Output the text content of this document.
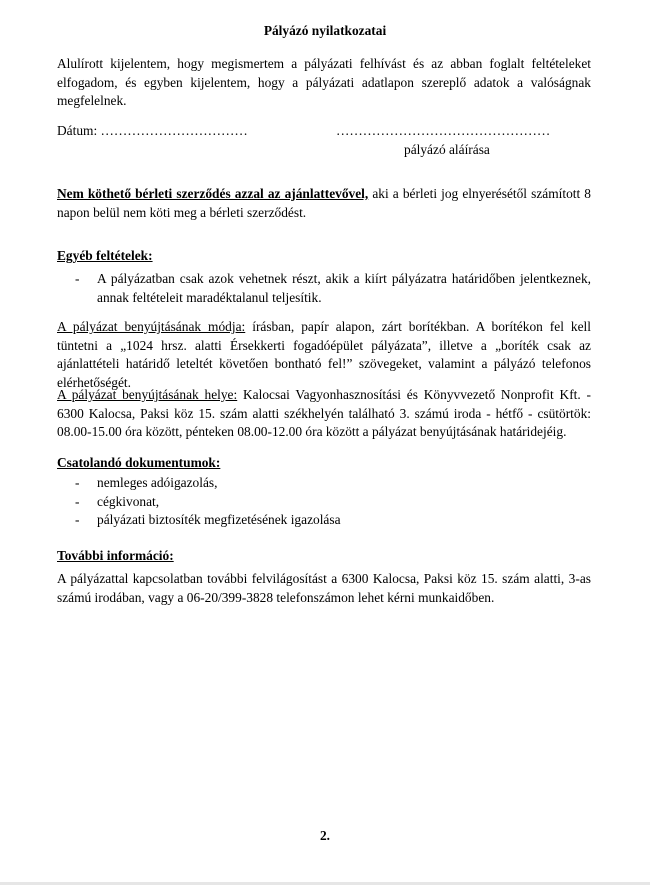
Pályázó nyilatkozatai

Alulírott kijelentem, hogy megismertem a pályázati felhívást és az abban foglalt feltételeket elfogadom, és egyben kijelentem, hogy a pályázati adatlapon szereplő adatok a valóságnak megfelelnek.

Dátum: ……………………………	…………………………………………
pályázó aláírása

Nem köthető bérleti szerződés azzal az ajánlattevővel, aki a bérleti jog elnyerésétől számított 8 napon belül nem köti meg a bérleti szerződést.

Egyéb feltételek:
- A pályázatban csak azok vehetnek részt, akik a kiírt pályázatra határidőben jelentkeznek, annak feltételeit maradéktalanul teljesítik.

A pályázat benyújtásának módja: írásban, papír alapon, zárt borítékban. A borítékon fel kell tüntetni a „1024 hrsz. alatti Érsekkerti fogadóépület pályázata”, illetve a „boríték csak az ajánlattételi határidő leteltét követően bontható fel!” szövegeket, valamint a pályázó telefonos elérhetőségét.

A pályázat benyújtásának helye: Kalocsai Vagyonhasznosítási és Könyvvezető Nonprofit Kft. - 6300 Kalocsa, Paksi köz 15. szám alatti székhelyén található 3. számú iroda - hétfő - csütörtök: 08.00-15.00 óra között, pénteken 08.00-12.00 óra között a pályázat benyújtásának határidejéig.

Csatolandó dokumentumok:
- nemleges adóigazolás,
- cégkivonat,
- pályázati biztosíték megfizetésének igazolása
További információ:

A pályázattal kapcsolatban további felvilágosítást a 6300 Kalocsa, Paksi köz 15. szám alatti, 3-as számú irodában, vagy a 06-20/399-3828 telefonszámon lehet kérni munkaidőben.

2.
